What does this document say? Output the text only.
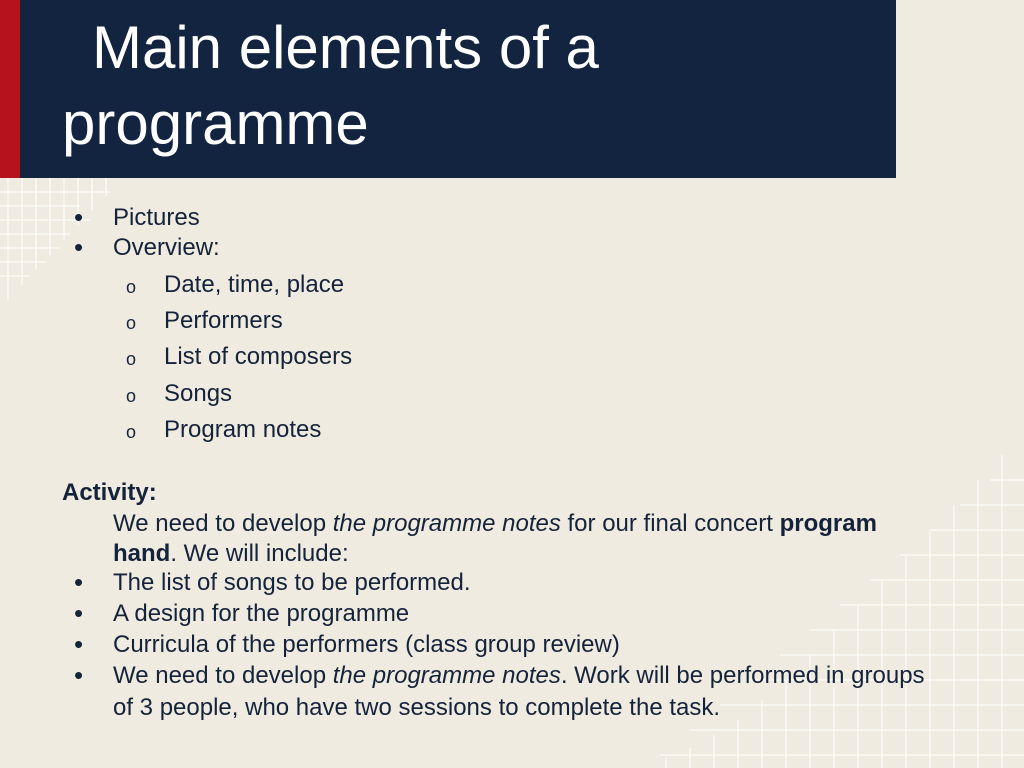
Main elements of a
programme
• Pictures
• Overview:
o Date, time, place
o Performers
o List of composers
o Songs
o Program notes
Activity:
We need to develop the programme notes for our final concert program hand. We will include:
• The list of songs to be performed.
• A design for the programme
• Curricula of the performers (class group review)
• We need to develop the programme notes. Work will be performed in groups of 3 people, who have two sessions to complete the task.
